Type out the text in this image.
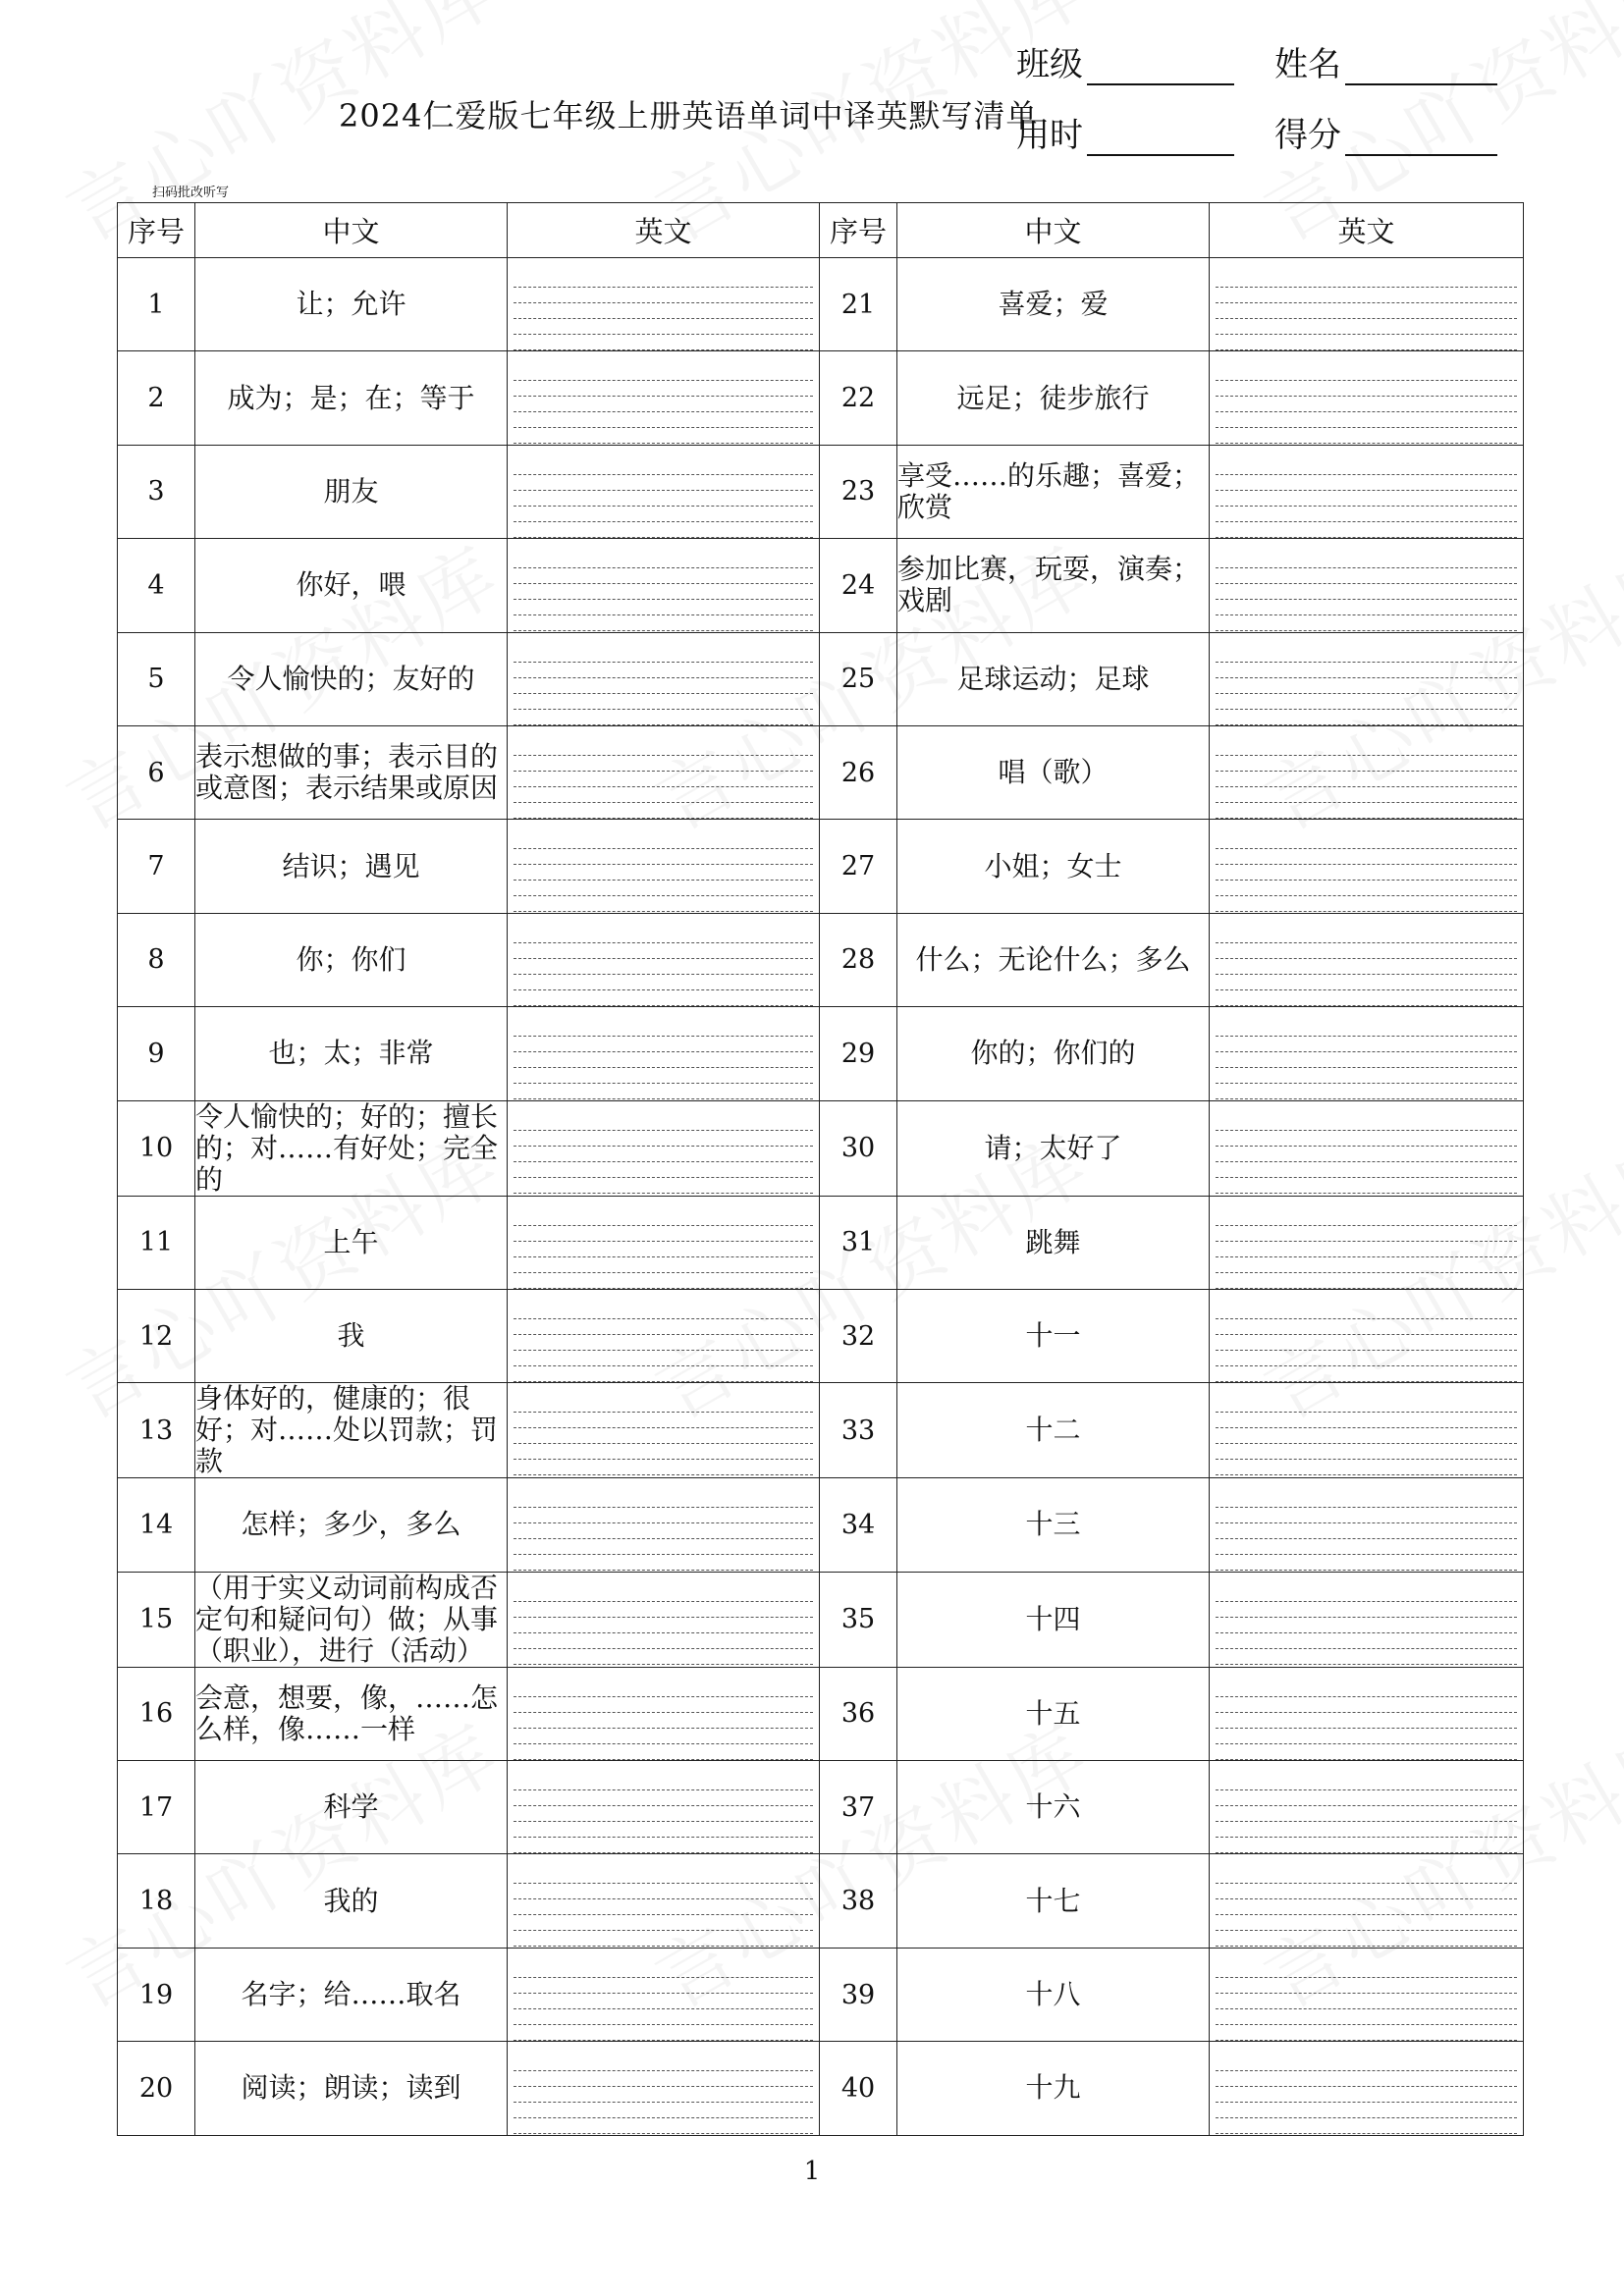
班级	姓名
用时	得分
2024仁爱版七年级上册英语单词中译英默写清单
扫码批改听写
序号	中文	英文	序号	中文	英文
1	让；允许		21	喜爱；爱	

2	成为；是；在；等于		22	远足；徒步旅行	

3	朋友		23	享受……的乐趣；喜爱；欣赏	

4	你好，喂		24	参加比赛，玩耍，演奏；戏剧	

5	令人愉快的；友好的		25	足球运动；足球	

6	表示想做的事；表示目的或意图；表示结果或原因		26	唱（歌）	

7	结识；遇见		27	小姐；女士	

8	你；你们		28	什么；无论什么；多么	

9	也；太；非常		29	你的；你们的	

10	令人愉快的；好的；擅长的；对……有好处；完全的		30	请；太好了	

11	上午		31	跳舞	

12	我		32	十一	

13	身体好的，健康的；很好；对……处以罚款；罚款		33	十二	

14	怎样；多少，多么		34	十三	

15	（用于实义动词前构成否定句和疑问句）做；从事（职业），进行（活动）		35	十四	

16	会意，想要，像，……怎么样，像……一样		36	十五	

17	科学		37	十六	

18	我的		38	十七	

19	名字；给……取名		39	十八	

20	阅读；朗读；读到		40	十九	
1
